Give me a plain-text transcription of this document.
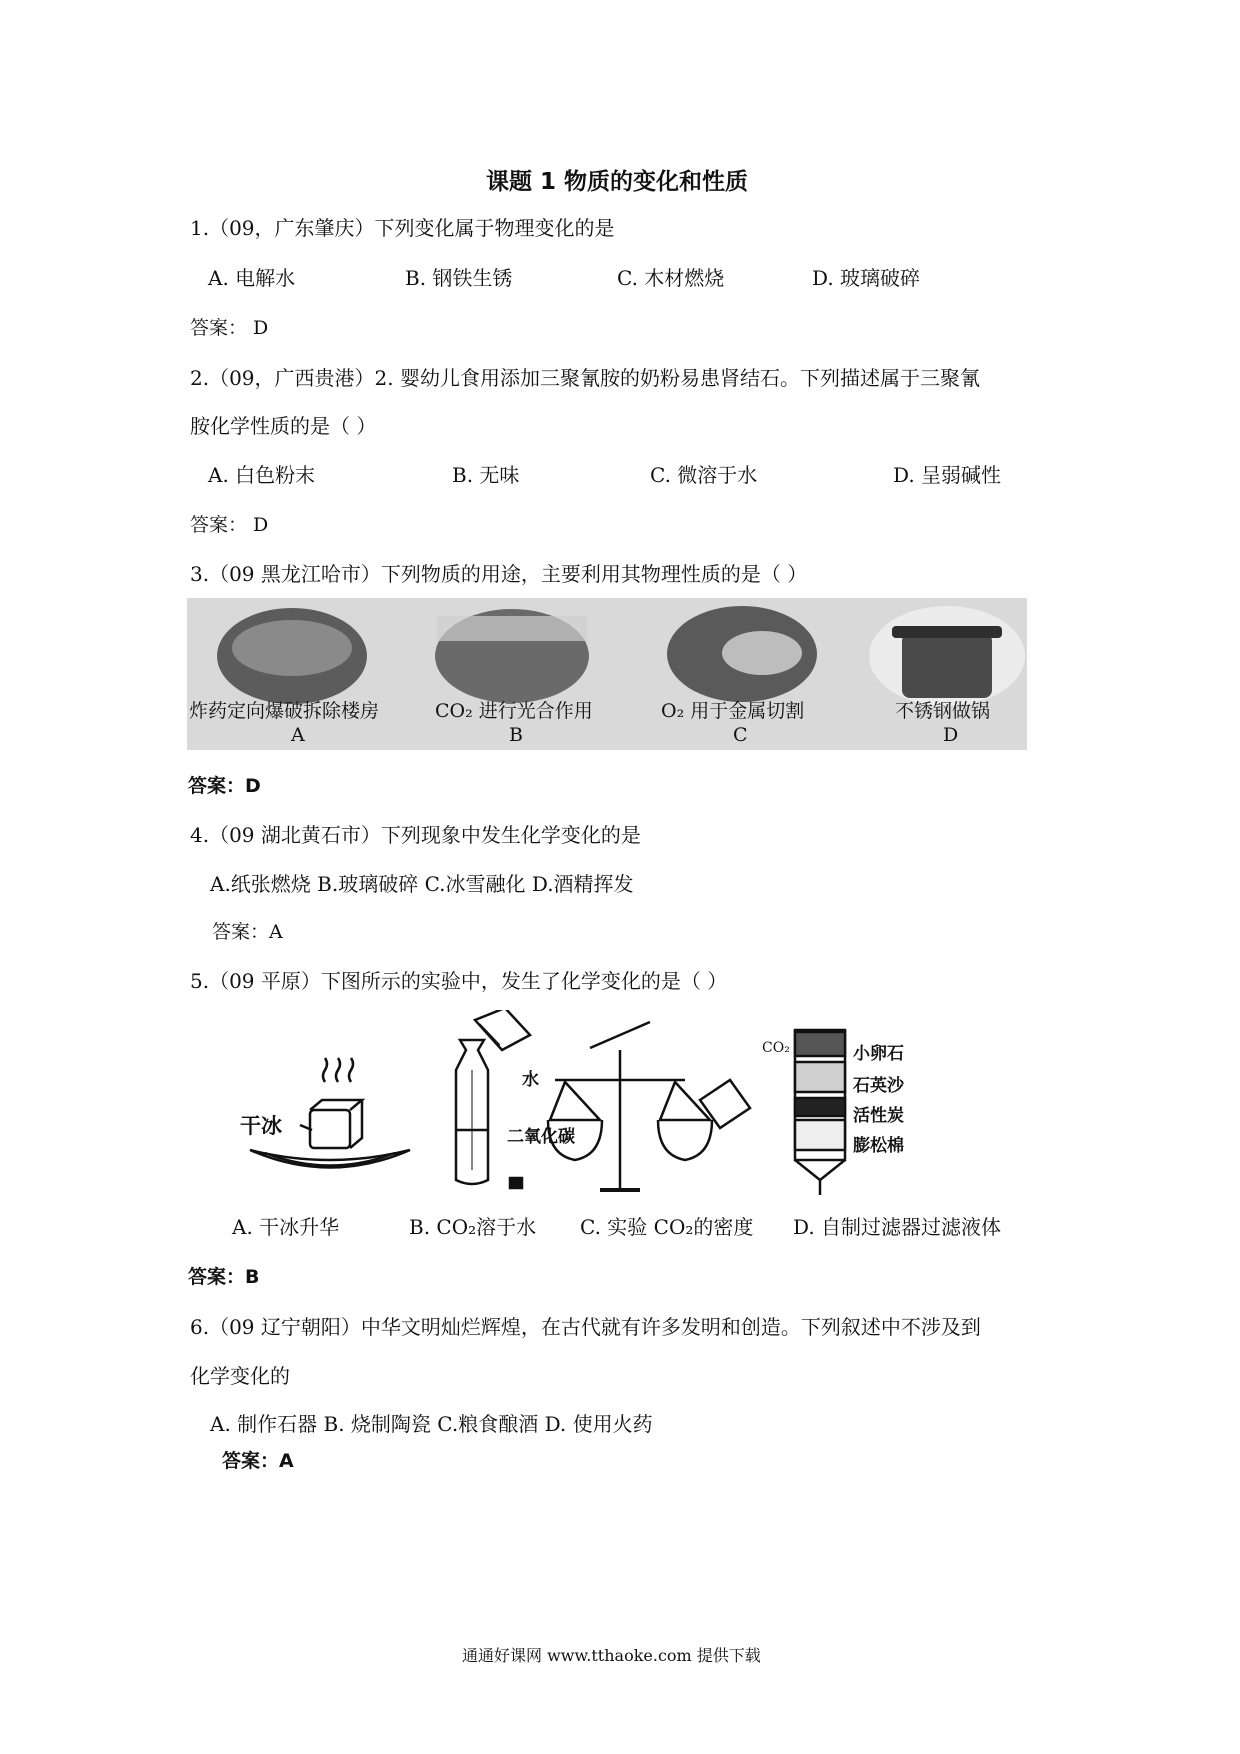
课题 1 物质的变化和性质
1.（09，广东肇庆）下列变化属于物理变化的是
A. 电解水	B. 钢铁生锈	C. 木材燃烧	D. 玻璃破碎
答案： D
2.（09，广西贵港）2. 婴幼儿食用添加三聚氰胺的奶粉易患肾结石。下列描述属于三聚氰
胺化学性质的是（ ）
A. 白色粉末	B. 无味	C. 微溶于水	D. 呈弱碱性
答案： D
3.（09 黑龙江哈市）下列物质的用途，主要利用其物理性质的是（ ）
炸药定向爆破拆除楼房	CO₂ 进行光合作用	O₂ 用于金属切割	不锈钢做锅
A	B	C	D
答案：D
4.（09 湖北黄石市）下列现象中发生化学变化的是
A.纸张燃烧 B.玻璃破碎 C.冰雪融化 D.酒精挥发
答案：A
5.（09 平原）下图所示的实验中，发生了化学变化的是（ ）
干冰
水
二氧化碳
CO₂	小卵石
石英沙
活性炭
膨松棉
A. 干冰升华	B. CO₂溶于水 C. 实验 CO₂的密度 D. 自制过滤器过滤液体
答案：B
6.（09 辽宁朝阳）中华文明灿烂辉煌，在古代就有许多发明和创造。下列叙述中不涉及到
化学变化的
A. 制作石器 B. 烧制陶瓷 C.粮食酿酒 D. 使用火药
答案：A
通通好课网 www.tthaoke.com 提供下载
